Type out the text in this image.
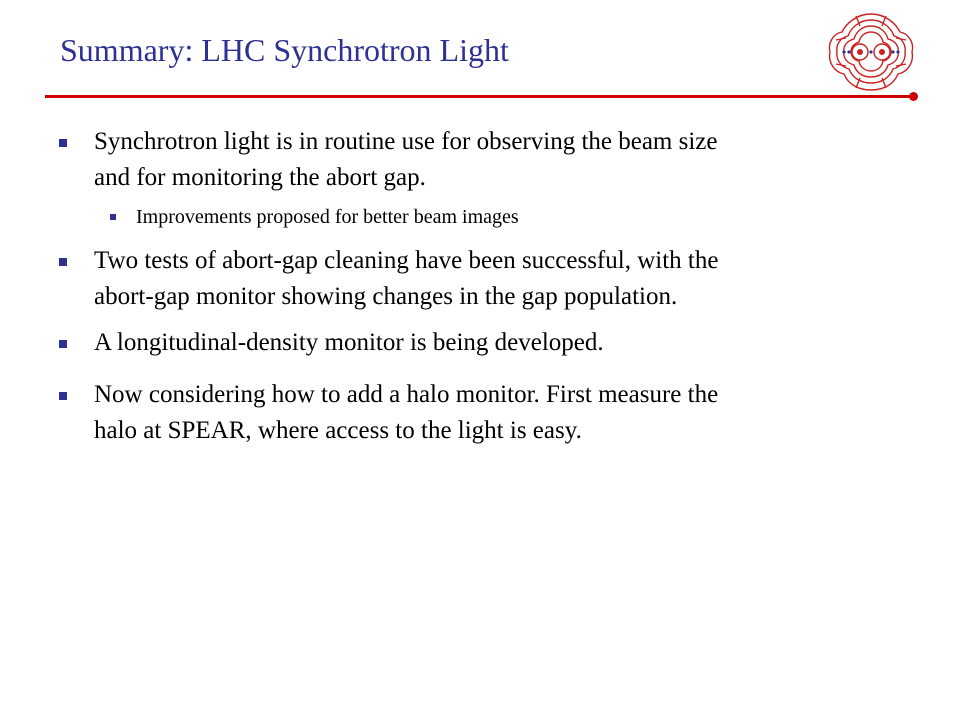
Summary: LHC Synchrotron Light

Synchrotron light is in routine use for observing the beam size

and for monitoring the abort gap.

Improvements proposed for better beam images

Two tests of abort-gap cleaning have been successful, with the

abort-gap monitor showing changes in the gap population.

A longitudinal-density monitor is being developed.

Now considering how to add a halo monitor. First measure the

halo at SPEAR, where access to the light is easy.
